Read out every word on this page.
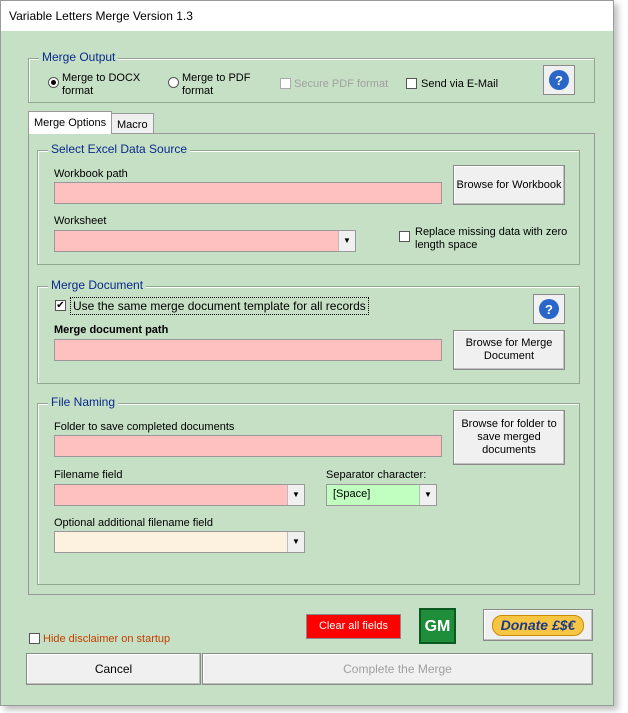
Variable Letters Merge Version 1.3
Merge Output
Merge to DOCX format
Merge to PDF format
Secure PDF format	Send via E-Mail	?
Merge Options Macro
Select Excel Data Source
Workbook path
Browse for Workbook
Worksheet
▼
Replace missing data with zero length space
Merge Document
✔ Use the same merge document template for all records
Merge document path
Browse for Merge Document
?
File Naming
Folder to save completed documents	Browse for folder to save merged documents
Filename field
▼
Separator character:
[Space]	▼
Optional additional filename field
▼
Hide disclaimer on startup
Clear all fields	GM	Donate £$€
Cancel	Complete the Merge
